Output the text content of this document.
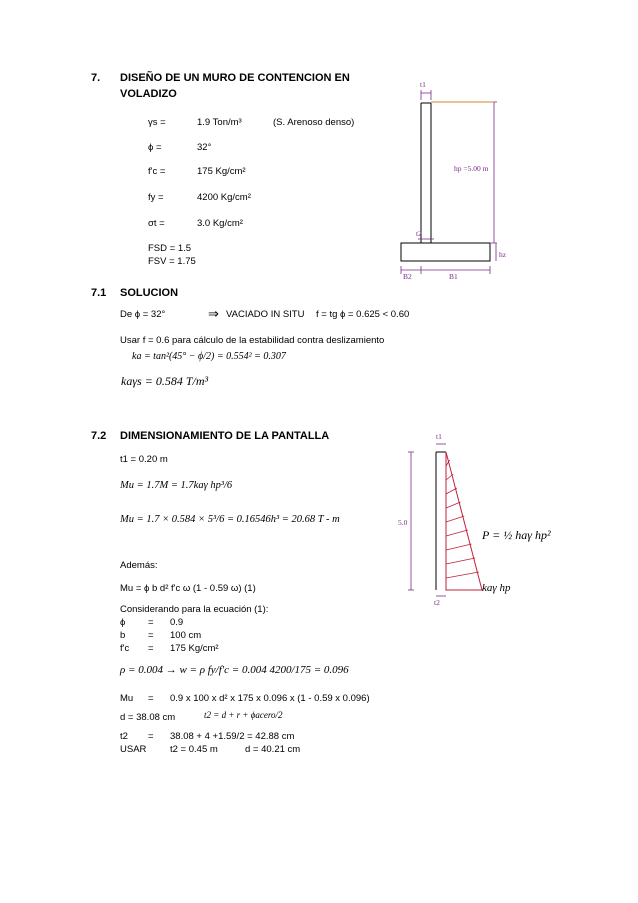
7. DISEÑO DE UN MURO DE CONTENCION EN
VOLADIZO
γs =	1.9 Ton/m³	(S. Arenoso denso)
ϕ =	32°
f'c =	175 Kg/cm²
fy =	4200 Kg/cm²
σt =	3.0 Kg/cm²
FSD = 1.5
FSV = 1.75
t1
t2
hp =5.00 m
hz
B2	B1
7.1 SOLUCION
De ϕ = 32°	⇒ VACIADO IN SITU f = tg ϕ = 0.625 < 0.60
Usar f = 0.6 para cálculo de la estabilidad contra deslizamiento
ka = tan²(45° − ϕ/2) = 0.554² = 0.307
kaγs = 0.584 T/m³
7.2 DIMENSIONAMIENTO DE LA PANTALLA
t1 = 0.20 m
Mu = 1.7M = 1.7kaγ hp³/6
Mu = 1.7 × 0.584 × 5³/6 = 0.16546h³ = 20.68 T - m
Además:
Mu = ϕ b d² f'c ω (1 - 0.59 ω) (1)
Considerando para la ecuación (1):
ϕ = 0.9
b = 100 cm
f'c = 175 Kg/cm²
ρ = 0.004 → w = ρ fy/f'c = 0.004 4200/175 = 0.096
Mu = 0.9 x 100 x d² x 175 x 0.096 x (1 - 0.59 x 0.096)
d = 38.08 cm	t2 = d + r + ϕacero/2
t2 = 38.08 + 4 +1.59/2 = 42.88 cm
USAR t2 = 0.45 m	d = 40.21 cm
t1
5.0
t2
P = ½ haγ hp²
kaγ hp
